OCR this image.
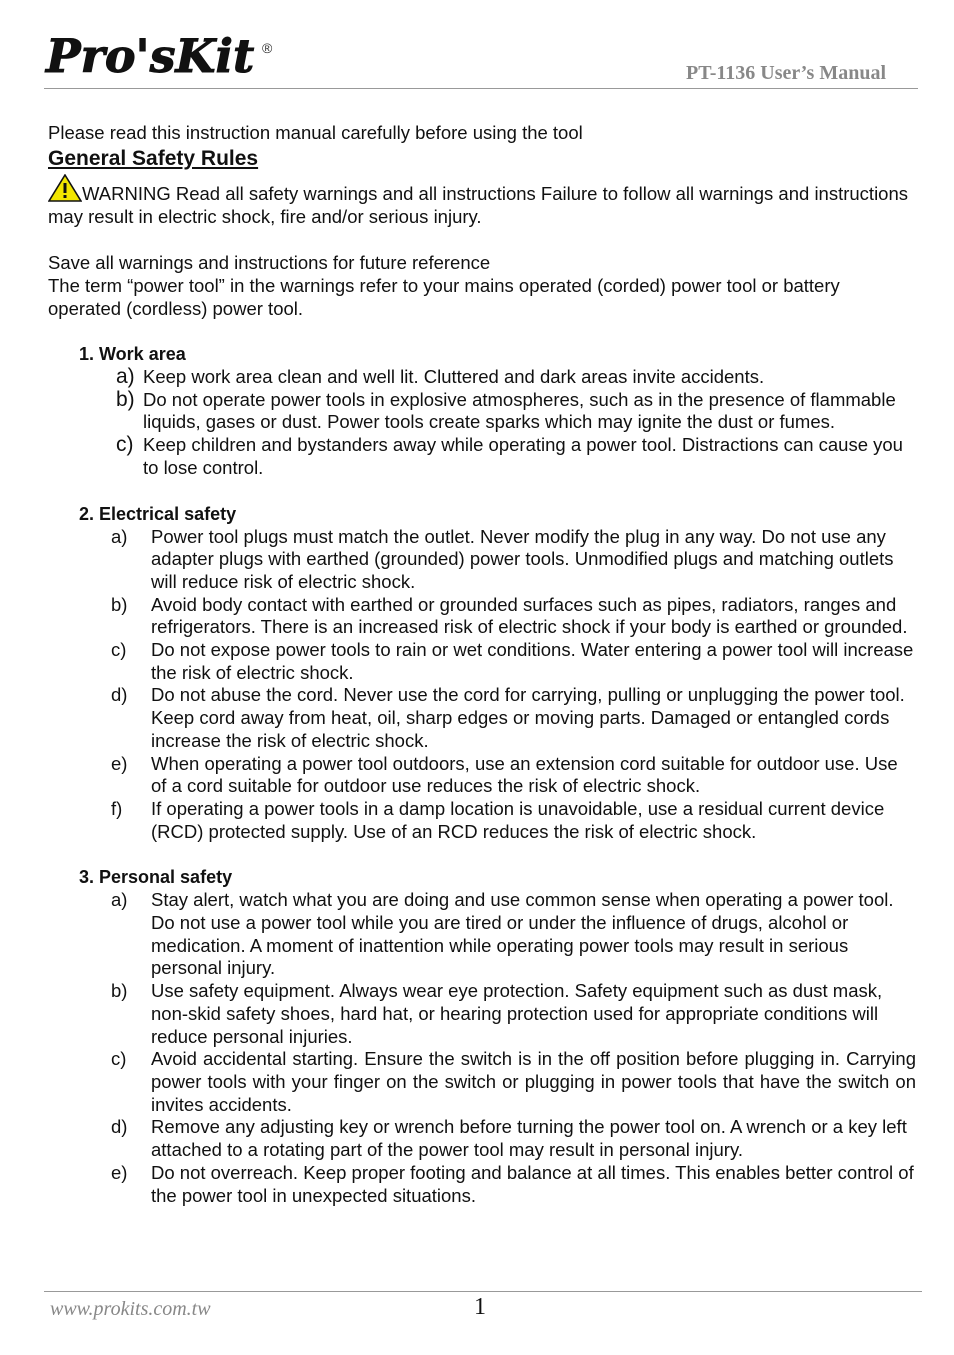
Pro'sKit ®
PT-1136 User’s Manual

Please read this instruction manual carefully before using the tool

General Safety Rules

WARNING Read all safety warnings and all instructions Failure to follow all warnings and instructions may result in electric shock, fire and/or serious injury.

Save all warnings and instructions for future reference

The term “power tool” in the warnings refer to your mains operated (corded) power tool or battery operated (cordless) power tool.

1. Work area

a) Keep work area clean and well lit. Cluttered and dark areas invite accidents.
b) Do not operate power tools in explosive atmospheres, such as in the presence of flammable liquids, gases or dust. Power tools create sparks which may ignite the dust or fumes.
c) Keep children and bystanders away while operating a power tool. Distractions can cause you to lose control.

2. Electrical safety

a) Power tool plugs must match the outlet. Never modify the plug in any way. Do not use any adapter plugs with earthed (grounded) power tools. Unmodified plugs and matching outlets will reduce risk of electric shock.
b) Avoid body contact with earthed or grounded surfaces such as pipes, radiators, ranges and refrigerators. There is an increased risk of electric shock if your body is earthed or grounded.
c) Do not expose power tools to rain or wet conditions. Water entering a power tool will increase the risk of electric shock.
d) Do not abuse the cord. Never use the cord for carrying, pulling or unplugging the power tool. Keep cord away from heat, oil, sharp edges or moving parts. Damaged or entangled cords increase the risk of electric shock.
e) When operating a power tool outdoors, use an extension cord suitable for outdoor use. Use of a cord suitable for outdoor use reduces the risk of electric shock.
f) If operating a power tools in a damp location is unavoidable, use a residual current device (RCD) protected supply. Use of an RCD reduces the risk of electric shock.

3. Personal safety

a) Stay alert, watch what you are doing and use common sense when operating a power tool. Do not use a power tool while you are tired or under the influence of drugs, alcohol or medication. A moment of inattention while operating power tools may result in serious personal injury.
b) Use safety equipment. Always wear eye protection. Safety equipment such as dust mask, non-skid safety shoes, hard hat, or hearing protection used for appropriate conditions will reduce personal injuries.
c) Avoid accidental starting. Ensure the switch is in the off position before plugging in. Carrying power tools with your finger on the switch or plugging in power tools that have the switch on invites accidents.
d) Remove any adjusting key or wrench before turning the power tool on. A wrench or a key left attached to a rotating part of the power tool may result in personal injury.
e) Do not overreach. Keep proper footing and balance at all times. This enables better control of the power tool in unexpected situations.
www.prokits.com.tw	1
